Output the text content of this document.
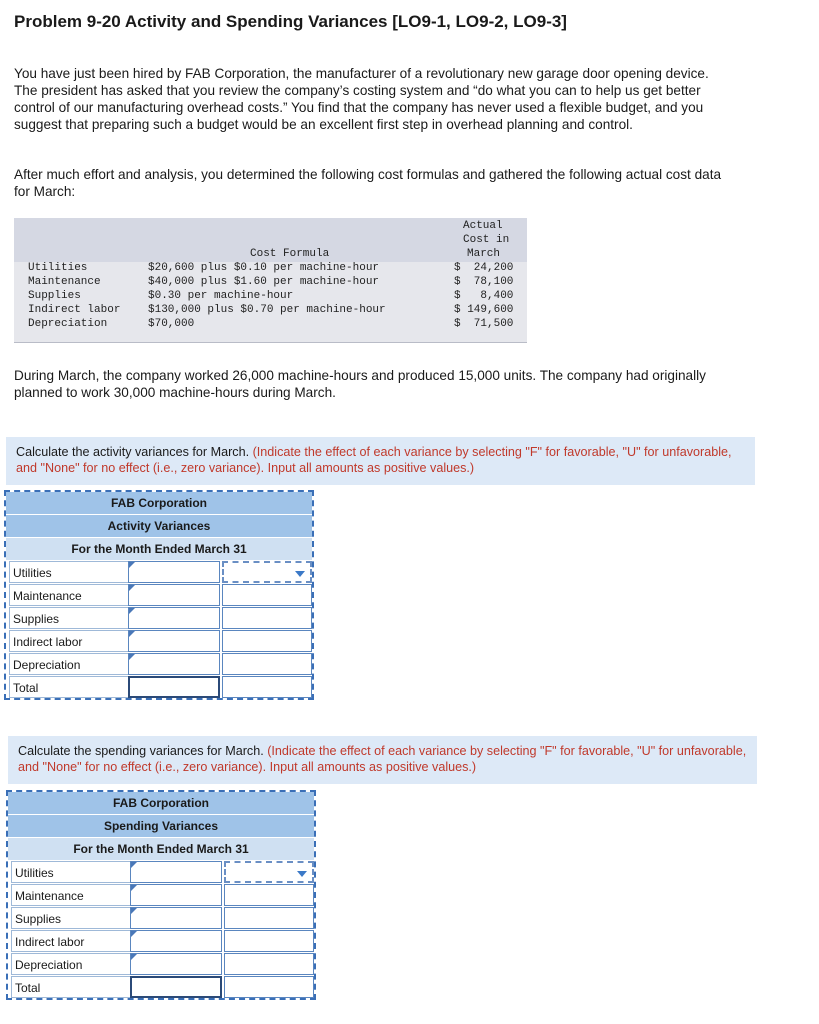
Problem 9-20 Activity and Spending Variances [LO9-1, LO9-2, LO9-3]
You have just been hired by FAB Corporation, the manufacturer of a revolutionary new garage door opening device. The president has asked that you review the company’s costing system and “do what you can to help us get better control of our manufacturing overhead costs.” You find that the company has never used a flexible budget, and you suggest that preparing such a budget would be an excellent first step in overhead planning and control.
After much effort and analysis, you determined the following cost formulas and gathered the following actual cost data for March:
Actual
Cost in
March
Cost Formula
Utilities	$20,600 plus $0.10 per machine-hour	$  24,200
Maintenance	$40,000 plus $1.60 per machine-hour	$  78,100
Supplies	$0.30 per machine-hour	$   8,400
Indirect labor	$130,000 plus $0.70 per machine-hour	$ 149,600
Depreciation	$70,000	$  71,500
During March, the company worked 26,000 machine-hours and produced 15,000 units. The company had originally planned to work 30,000 machine-hours during March.
Calculate the activity variances for March. (Indicate the effect of each variance by selecting "F" for favorable, "U" for unfavorable, and "None" for no effect (i.e., zero variance). Input all amounts as positive values.)
FAB Corporation
Activity Variances
For the Month Ended March 31
Utilities
Maintenance
Supplies
Indirect labor
Depreciation
Total
Calculate the spending variances for March. (Indicate the effect of each variance by selecting "F" for favorable, "U" for unfavorable, and "None" for no effect (i.e., zero variance). Input all amounts as positive values.)
FAB Corporation
Spending Variances
For the Month Ended March 31
Utilities
Maintenance
Supplies
Indirect labor
Depreciation
Total
